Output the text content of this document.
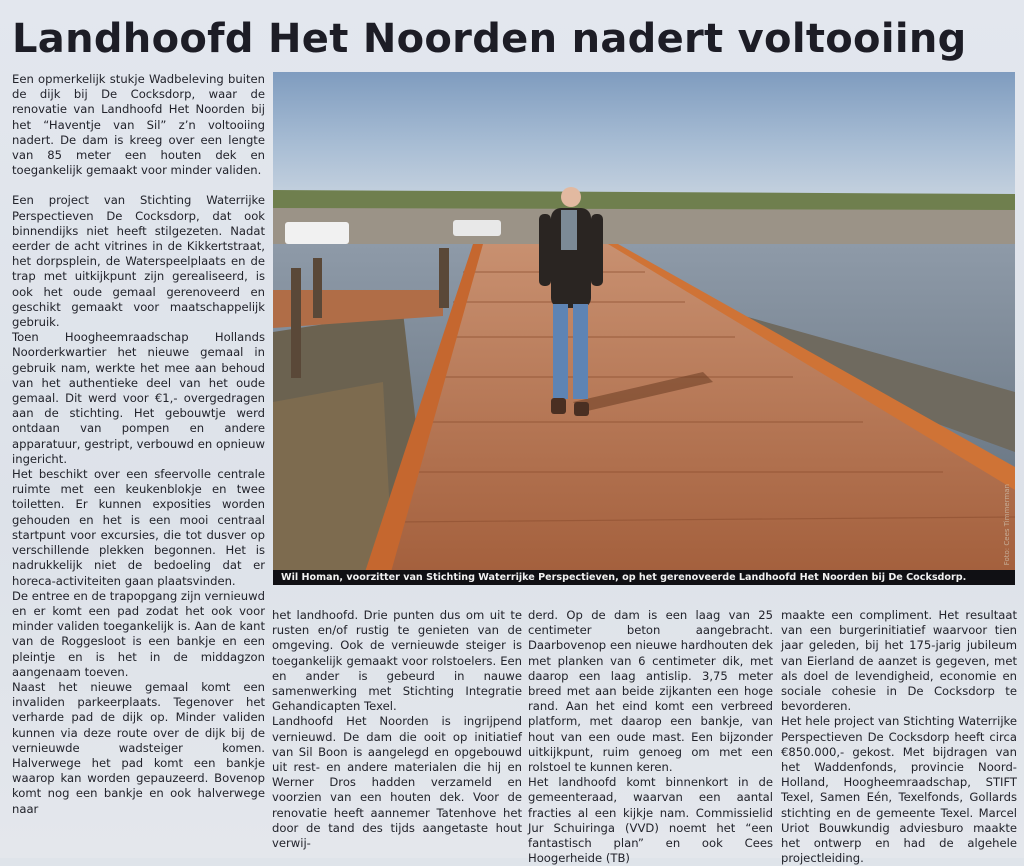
Landhoofd Het Noorden nadert voltooiing

Een opmerkelijk stukje Wadbeleving buiten de dijk bij De Cocksdorp, waar de renovatie van Landhoofd Het Noorden bij het “Haventje van Sil” z’n voltooiing nadert. De dam is kreeg over een lengte van 85 meter een houten dek en toegankelijk gemaakt voor minder validen.

Een project van Stichting Waterrijke Perspectieven De Cocksdorp, dat ook binnendijks niet heeft stilgezeten. Nadat eerder de acht vitrines in de Kikkertstraat, het dorpsplein, de Waterspeelplaats en de trap met uitkijkpunt zijn gerealiseerd, is ook het oude gemaal gerenoveerd en geschikt gemaakt voor maatschappelijk gebruik.

Toen Hoogheemraadschap Hollands Noorderkwartier het nieuwe gemaal in gebruik nam, werkte het mee aan behoud van het authentieke deel van het oude gemaal. Dit werd voor €1,- overgedragen aan de stichting. Het gebouwtje werd ontdaan van pompen en andere apparatuur, gestript, verbouwd en opnieuw ingericht.

Het beschikt over een sfeervolle centrale ruimte met een keukenblokje en twee toiletten. Er kunnen exposities worden gehouden en het is een mooi centraal startpunt voor excursies, die tot dusver op verschillende plekken begonnen. Het is nadrukkelijk niet de bedoeling dat er horeca-activiteiten gaan plaatsvinden.

De entree en de trapopgang zijn vernieuwd en er komt een pad zodat het ook voor minder validen toegankelijk is. Aan de kant van de Roggesloot is een bankje en een pleintje en is het in de middagzon aangenaam toeven.

Naast het nieuwe gemaal komt een invaliden parkeerplaats. Tegenover het verharde pad de dijk op. Minder validen kunnen via deze route over de dijk bij de vernieuwde wadsteiger komen. Halverwege het pad komt een bankje waarop kan worden gepauzeerd. Bovenop komt nog een bankje en ook halverwege naar

Foto: Cees Timmerman
Wil Homan, voorzitter van Stichting Waterrijke Perspectieven, op het gerenoveerde Landhoofd Het Noorden bij De Cocksdorp.

het landhoofd. Drie punten dus om uit te rusten en/of rustig te genieten van de omgeving. Ook de vernieuwde steiger is toegankelijk gemaakt voor rolstoelers. Een en ander is gebeurd in nauwe samenwerking met Stichting Integratie Gehandicapten Texel.

Landhoofd Het Noorden is ingrijpend vernieuwd. De dam die ooit op initiatief van Sil Boon is aangelegd en opgebouwd uit rest- en andere materialen die hij en Werner Dros hadden verzameld en voorzien van een houten dek. Voor de renovatie heeft aannemer Tatenhove het door de tand des tijds aangetaste hout verwij-

derd. Op de dam is een laag van 25 centimeter beton aangebracht. Daarbovenop een nieuwe hardhouten dek met planken van 6 centimeter dik, met daarop een laag antislip. 3,75 meter breed met aan beide zijkanten een hoge rand. Aan het eind komt een verbreed platform, met daarop een bankje, van hout van een oude mast. Een bijzonder uitkijkpunt, ruim genoeg om met een rolstoel te kunnen keren.

Het landhoofd komt binnenkort in de gemeenteraad, waarvan een aantal fracties al een kijkje nam. Commissielid Jur Schuiringa (VVD) noemt het “een fantastisch plan” en ook Cees Hoogerheide (TB)

maakte een compliment. Het resultaat van een burgerinitiatief waarvoor tien jaar geleden, bij het 175-jarig jubileum van Eierland de aanzet is gegeven, met als doel de levendigheid, economie en sociale cohesie in De Cocksdorp te bevorderen.

Het hele project van Stichting Waterrijke Perspectieven De Cocksdorp heeft circa €850.000,- gekost. Met bijdragen van het Waddenfonds, provincie Noord-Holland, Hoogheemraadschap, STIFT Texel, Samen Eén, Texelfonds, Gollards stichting en de gemeente Texel. Marcel Uriot Bouwkundig adviesburo maakte het ontwerp en had de algehele projectleiding.
